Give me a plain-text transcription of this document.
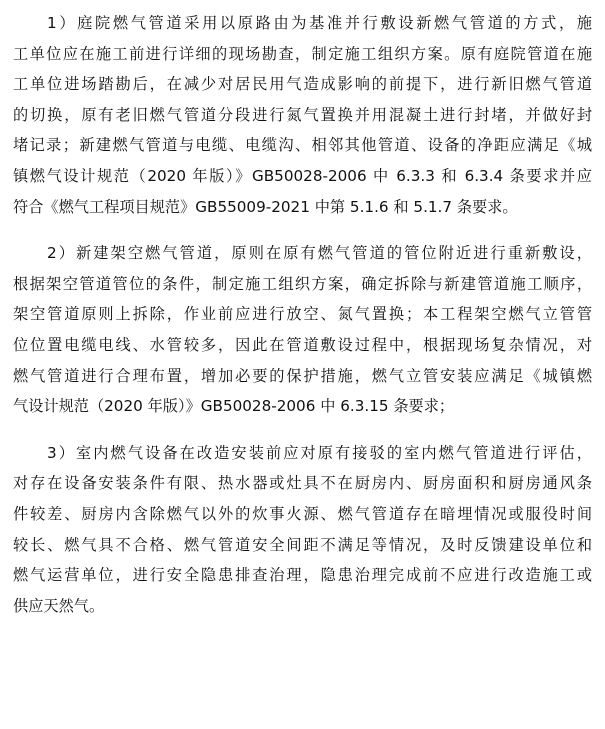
1）庭院燃气管道采用以原路由为基准并行敷设新燃气管道的方式，施
工单位应在施工前进行详细的现场勘查，制定施工组织方案。原有庭院管道在施
工单位进场踏勘后，在减少对居民用气造成影响的前提下，进行新旧燃气管道
的切换，原有老旧燃气管道分段进行氮气置换并用混凝土进行封堵，并做好封
堵记录；新建燃气管道与电缆、电缆沟、相邻其他管道、设备的净距应满足《城
镇燃气设计规范（2020 年版）》GB50028-2006 中 6.3.3 和 6.3.4 条要求并应
符合《燃气工程项目规范》GB55009-2021 中第 5.1.6 和 5.1.7 条要求。
2）新建架空燃气管道，原则在原有燃气管道的管位附近进行重新敷设，
根据架空管道管位的条件，制定施工组织方案，确定拆除与新建管道施工顺序，
架空管道原则上拆除，作业前应进行放空、氮气置换；本工程架空燃气立管管
位位置电缆电线、水管较多，因此在管道敷设过程中，根据现场复杂情况，对
燃气管道进行合理布置，增加必要的保护措施，燃气立管安装应满足《城镇燃
气设计规范（2020 年版）》GB50028-2006 中 6.3.15 条要求；
3）室内燃气设备在改造安装前应对原有接驳的室内燃气管道进行评估，
对存在设备安装条件有限、热水器或灶具不在厨房内、厨房面积和厨房通风条
件较差、厨房内含除燃气以外的炊事火源、燃气管道存在暗埋情况或服役时间
较长、燃气具不合格、燃气管道安全间距不满足等情况，及时反馈建设单位和
燃气运营单位，进行安全隐患排查治理，隐患治理完成前不应进行改造施工或
供应天然气。
